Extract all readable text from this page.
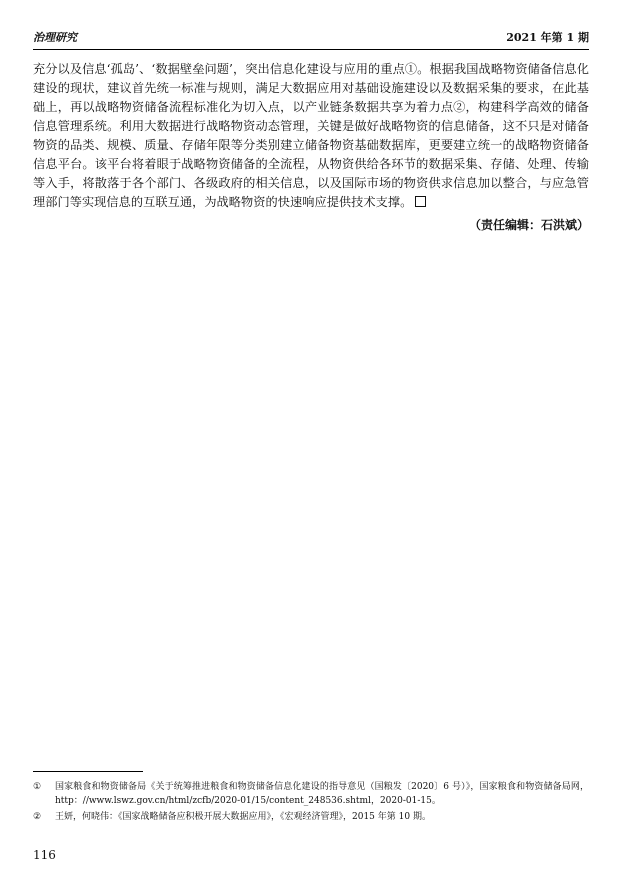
治理研究	2021 年第 1 期

充分以及信息‘孤岛’、‘数据壁垒问题’，突出信息化建设与应用的重点①。根据我国战略物资储备信息化建设的现状，建议首先统一标准与规则，满足大数据应用对基础设施建设以及数据采集的要求，在此基础上，再以战略物资储备流程标准化为切入点，以产业链条数据共享为着力点②，构建科学高效的储备信息管理系统。利用大数据进行战略物资动态管理，关键是做好战略物资的信息储备，这不只是对储备物资的品类、规模、质量、存储年限等分类别建立储备物资基础数据库，更要建立统一的战略物资储备信息平台。该平台将着眼于战略物资储备的全流程，从物资供给各环节的数据采集、存储、处理、传输等入手，将散落于各个部门、各级政府的相关信息，以及国际市场的物资供求信息加以整合，与应急管理部门等实现信息的互联互通，为战略物资的快速响应提供技术支撑。

（责任编辑：石洪斌）
①	国家粮食和物资储备局《关于统筹推进粮食和物资储备信息化建设的指导意见（国粮发〔2020〕6 号）》，国家粮食和物资储备局网，http：//www.lswz.gov.cn/html/zcfb/2020-01/15/content_248536.shtml，2020-01-15。
②	王妍，何晓伟：《国家战略储备应积极开展大数据应用》，《宏观经济管理》，2015 年第 10 期。
116
